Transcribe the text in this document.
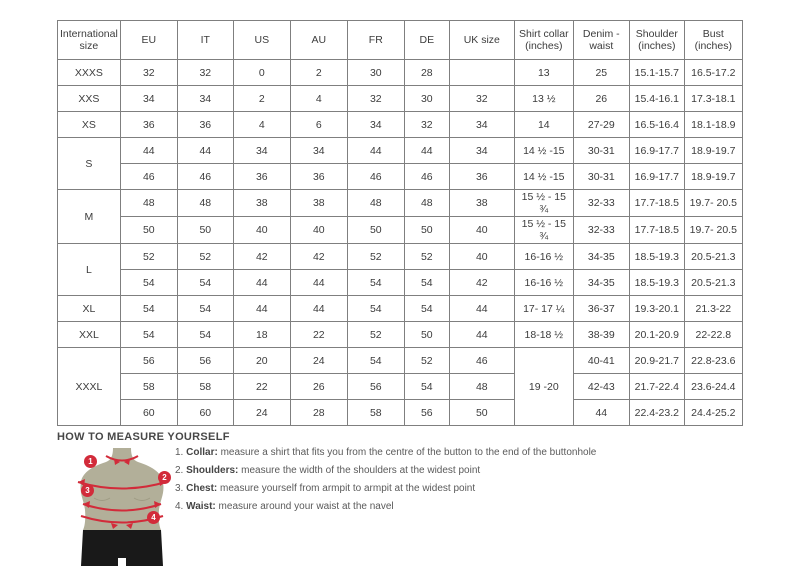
International size	EU	IT	US	AU	FR	DE	UK size	Shirt collar (inches)	Denim - waist	Shoulder (inches)	Bust (inches)
XXXS	32	32	0	2	30	28		13	25	15.1-15.7	16.5-17.2
XXS	34	34	2	4	32	30	32	13 ½	26	15.4-16.1	17.3-18.1
XS	36	36	4	6	34	32	34	14	27-29	16.5-16.4	18.1-18.9
S	44	44	34	34	44	44	34	14 ½ -15	30-31	16.9-17.7	18.9-19.7
	46	46	36	36	46	46	36	14 ½ -15	30-31	16.9-17.7	18.9-19.7
M	48	48	38	38	48	48	38	15 ½ - 15 ¾	32-33	17.7-18.5	19.7- 20.5
	50	50	40	40	50	50	40	15 ½ - 15 ¾	32-33	17.7-18.5	19.7- 20.5
L	52	52	42	42	52	52	40	16-16 ½	34-35	18.5-19.3	20.5-21.3
	54	54	44	44	54	54	42	16-16 ½	34-35	18.5-19.3	20.5-21.3
XL	54	54	44	44	54	54	44	17- 17 ¼	36-37	19.3-20.1	21.3-22
XXL	54	54	18	22	52	50	44	18-18 ½	38-39	20.1-20.9	22-22.8
XXXL	56	56	20	24	54	52	46	19 -20	40-41	20.9-21.7	22.8-23.6
	58	58	22	26	56	54	48		42-43	21.7-22.4	23.6-24.4
	60	60	24	28	58	56	50		44	22.4-23.2	24.4-25.2
HOW TO MEASURE YOURSELF
1
2
3
4
1. Collar: measure a shirt that fits you from the centre of the button to the end of the buttonhole
2. Shoulders: measure the width of the shoulders at the widest point
3. Chest: measure yourself from armpit to armpit at the widest point
4. Waist: measure around your waist at the navel
